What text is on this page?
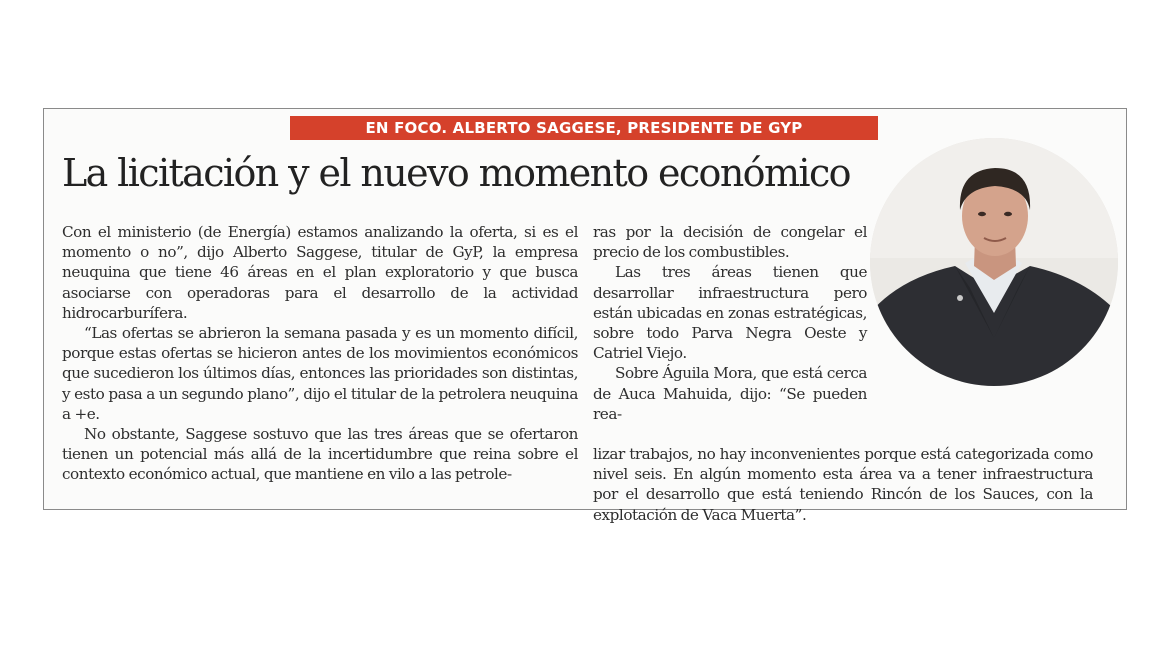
EN FOCO. ALBERTO SAGGESE, PRESIDENTE DE GYP
La licitación y el nuevo momento económico

Con el ministerio (de Energía) estamos analizando la oferta, si es el momento o no”, dijo Alberto Saggese, titular de GyP, la empresa neuquina que tiene 46 áreas en el plan exploratorio y que busca asociarse con operadoras para el desarrollo de la actividad hidrocarburífera.

“Las ofertas se abrieron la semana pasada y es un momento difícil, porque estas ofertas se hicieron antes de los movimientos económicos que sucedieron los últimos días, entonces las prioridades son distintas, y esto pasa a un segundo plano”, dijo el titular de la petrolera neuquina a +e.

No obstante, Saggese sostuvo que las tres áreas que se ofertaron tienen un potencial más allá de la incertidumbre que reina sobre el contexto económico actual, que mantiene en vilo a las petrole-

ras por la decisión de congelar el precio de los combustibles.

Las tres áreas tienen que desarrollar infraestructura pero están ubicadas en zonas estratégicas, sobre todo Parva Negra Oeste y Catriel Viejo.

Sobre Águila Mora, que está cerca de Auca Mahuida, dijo: “Se pueden rea-

lizar trabajos, no hay inconvenientes porque está categorizada como nivel seis. En algún momento esta área va a tener infraestructura por el desarrollo que está teniendo Rincón de los Sauces, con la explotación de Vaca Muerta”.
